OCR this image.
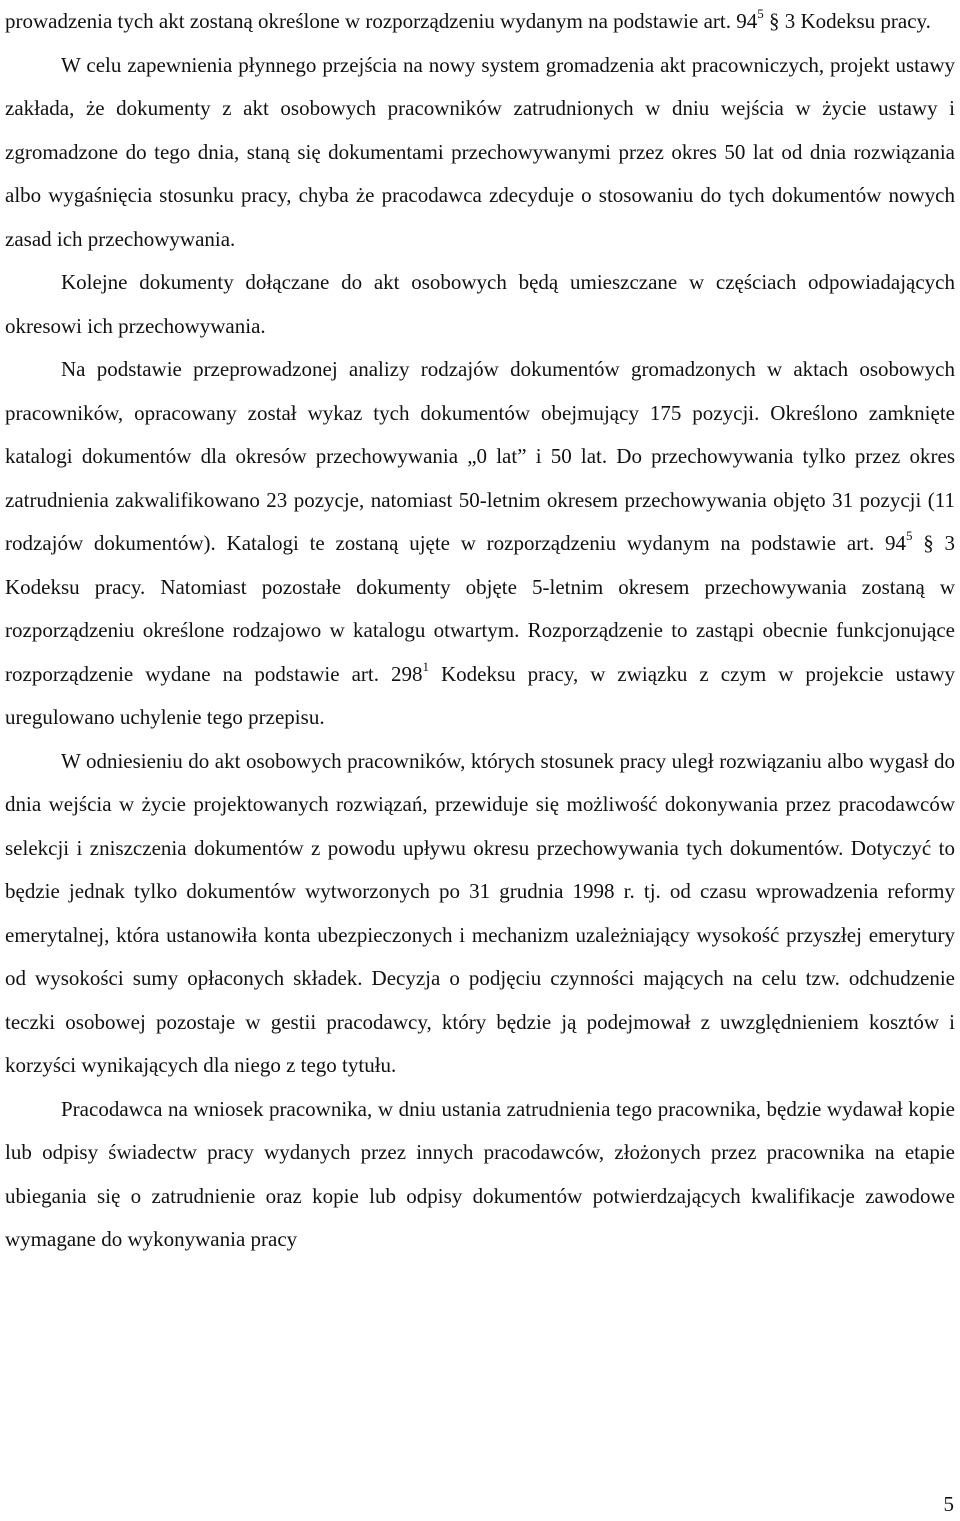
prowadzenia tych akt zostaną określone w rozporządzeniu wydanym na podstawie art. $94^5$ § 3 Kodeksu pracy.

W celu zapewnienia płynnego przejścia na nowy system gromadzenia akt pracowniczych, projekt ustawy zakłada, że dokumenty z akt osobowych pracowników zatrudnionych w dniu wejścia w życie ustawy i zgromadzone do tego dnia, staną się dokumentami przechowywanymi przez okres 50 lat od dnia rozwiązania albo wygaśnięcia stosunku pracy, chyba że pracodawca zdecyduje o stosowaniu do tych dokumentów nowych zasad ich przechowywania.

Kolejne dokumenty dołączane do akt osobowych będą umieszczane w częściach odpowiadających okresowi ich przechowywania.

Na podstawie przeprowadzonej analizy rodzajów dokumentów gromadzonych w aktach osobowych pracowników, opracowany został wykaz tych dokumentów obejmujący 175 pozycji. Określono zamknięte katalogi dokumentów dla okresów przechowywania „0 lat” i 50 lat. Do przechowywania tylko przez okres zatrudnienia zakwalifikowano 23 pozycje, natomiast 50-letnim okresem przechowywania objęto 31 pozycji (11 rodzajów dokumentów). Katalogi te zostaną ujęte w rozporządzeniu wydanym na podstawie art. $94^5$ § 3 Kodeksu pracy. Natomiast pozostałe dokumenty objęte 5-letnim okresem przechowywania zostaną w rozporządzeniu określone rodzajowo w katalogu otwartym. Rozporządzenie to zastąpi obecnie funkcjonujące rozporządzenie wydane na podstawie art. $298^1$ Kodeksu pracy, w związku z czym w projekcie ustawy uregulowano uchylenie tego przepisu.

W odniesieniu do akt osobowych pracowników, których stosunek pracy uległ rozwiązaniu albo wygasł do dnia wejścia w życie projektowanych rozwiązań, przewiduje się możliwość dokonywania przez pracodawców selekcji i zniszczenia dokumentów z powodu upływu okresu przechowywania tych dokumentów. Dotyczyć to będzie jednak tylko dokumentów wytworzonych po 31 grudnia 1998 r. tj. od czasu wprowadzenia reformy emerytalnej, która ustanowiła konta ubezpieczonych i mechanizm uzależniający wysokość przyszłej emerytury od wysokości sumy opłaconych składek. Decyzja o podjęciu czynności mających na celu tzw. odchudzenie teczki osobowej pozostaje w gestii pracodawcy, który będzie ją podejmował z uwzględnieniem kosztów i korzyści wynikających dla niego z tego tytułu.

Pracodawca na wniosek pracownika, w dniu ustania zatrudnienia tego pracownika, będzie wydawał kopie lub odpisy świadectw pracy wydanych przez innych pracodawców, złożonych przez pracownika na etapie ubiegania się o zatrudnienie oraz kopie lub odpisy dokumentów potwierdzających kwalifikacje zawodowe wymagane do wykonywania pracy

5
